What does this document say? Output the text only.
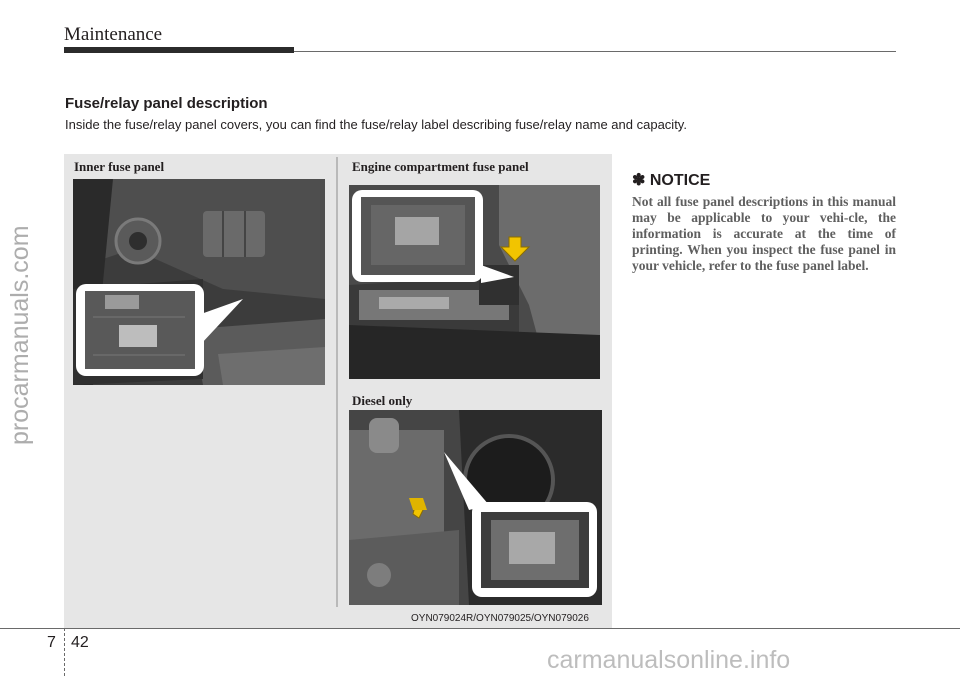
Maintenance
Fuse/relay panel description
Inside the fuse/relay panel covers, you can find the fuse/relay label describing fuse/relay name and capacity.
Inner fuse panel	Engine compartment fuse panel
Diesel only
OYN079024R/OYN079025/OYN079026
✽ NOTICE
Not all fuse panel descriptions in this manual may be applicable to your vehi-cle, the information is accurate at the time of printing. When you inspect the fuse panel in your vehicle, refer to the fuse panel label.
7 42
procarmanuals.com
carmanualsonline.info
